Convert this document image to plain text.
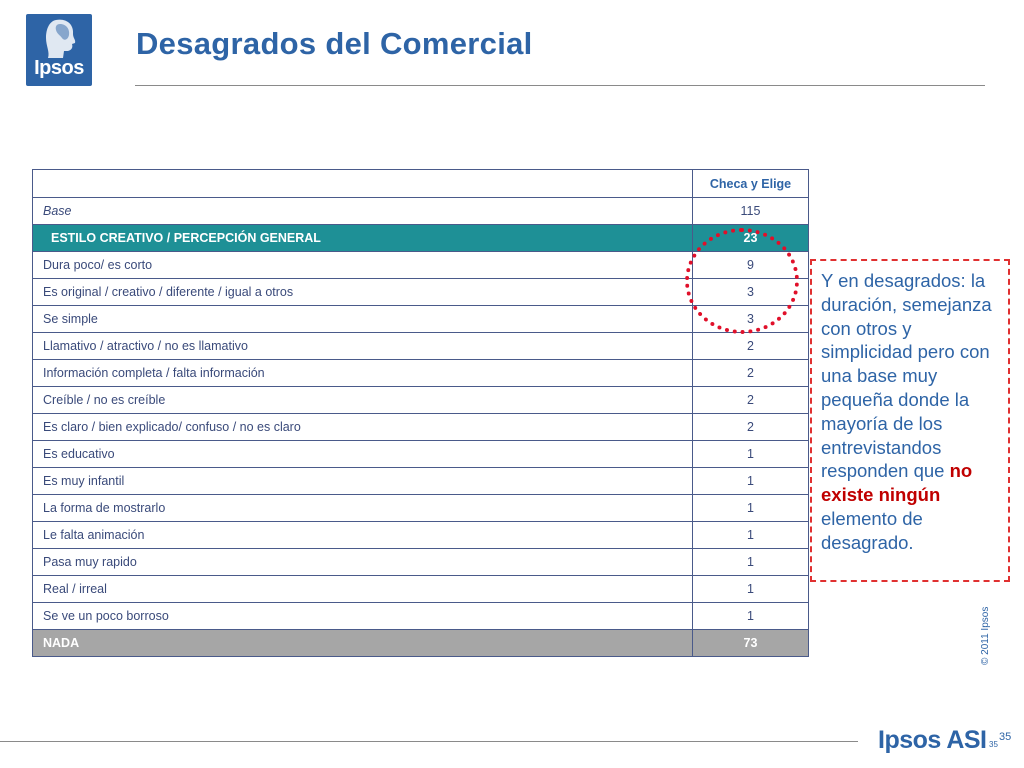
Ipsos
Desagrados del Comercial
	Checa y Elige
Base	115
ESTILO CREATIVO / PERCEPCIÓN GENERAL	23
Dura poco/ es corto	9
Es original / creativo / diferente / igual a otros	3
Se simple	3
Llamativo / atractivo / no es llamativo	2
Información completa / falta información	2
Creíble / no es creíble	2
Es claro / bien explicado/ confuso / no es claro	2
Es educativo	1
Es muy infantil	1
La forma de mostrarlo	1
Le falta animación	1
Pasa muy rapido	1
Real / irreal	1
Se ve un poco borroso	1
NADA	73
Y en desagrados: la duración, semejanza con otros y simplicidad pero con una base muy pequeña donde la mayoría de los entrevistandos responden que no existe ningún elemento de desagrado.
© 2011 Ipsos
Ipsos ASI 35
35
